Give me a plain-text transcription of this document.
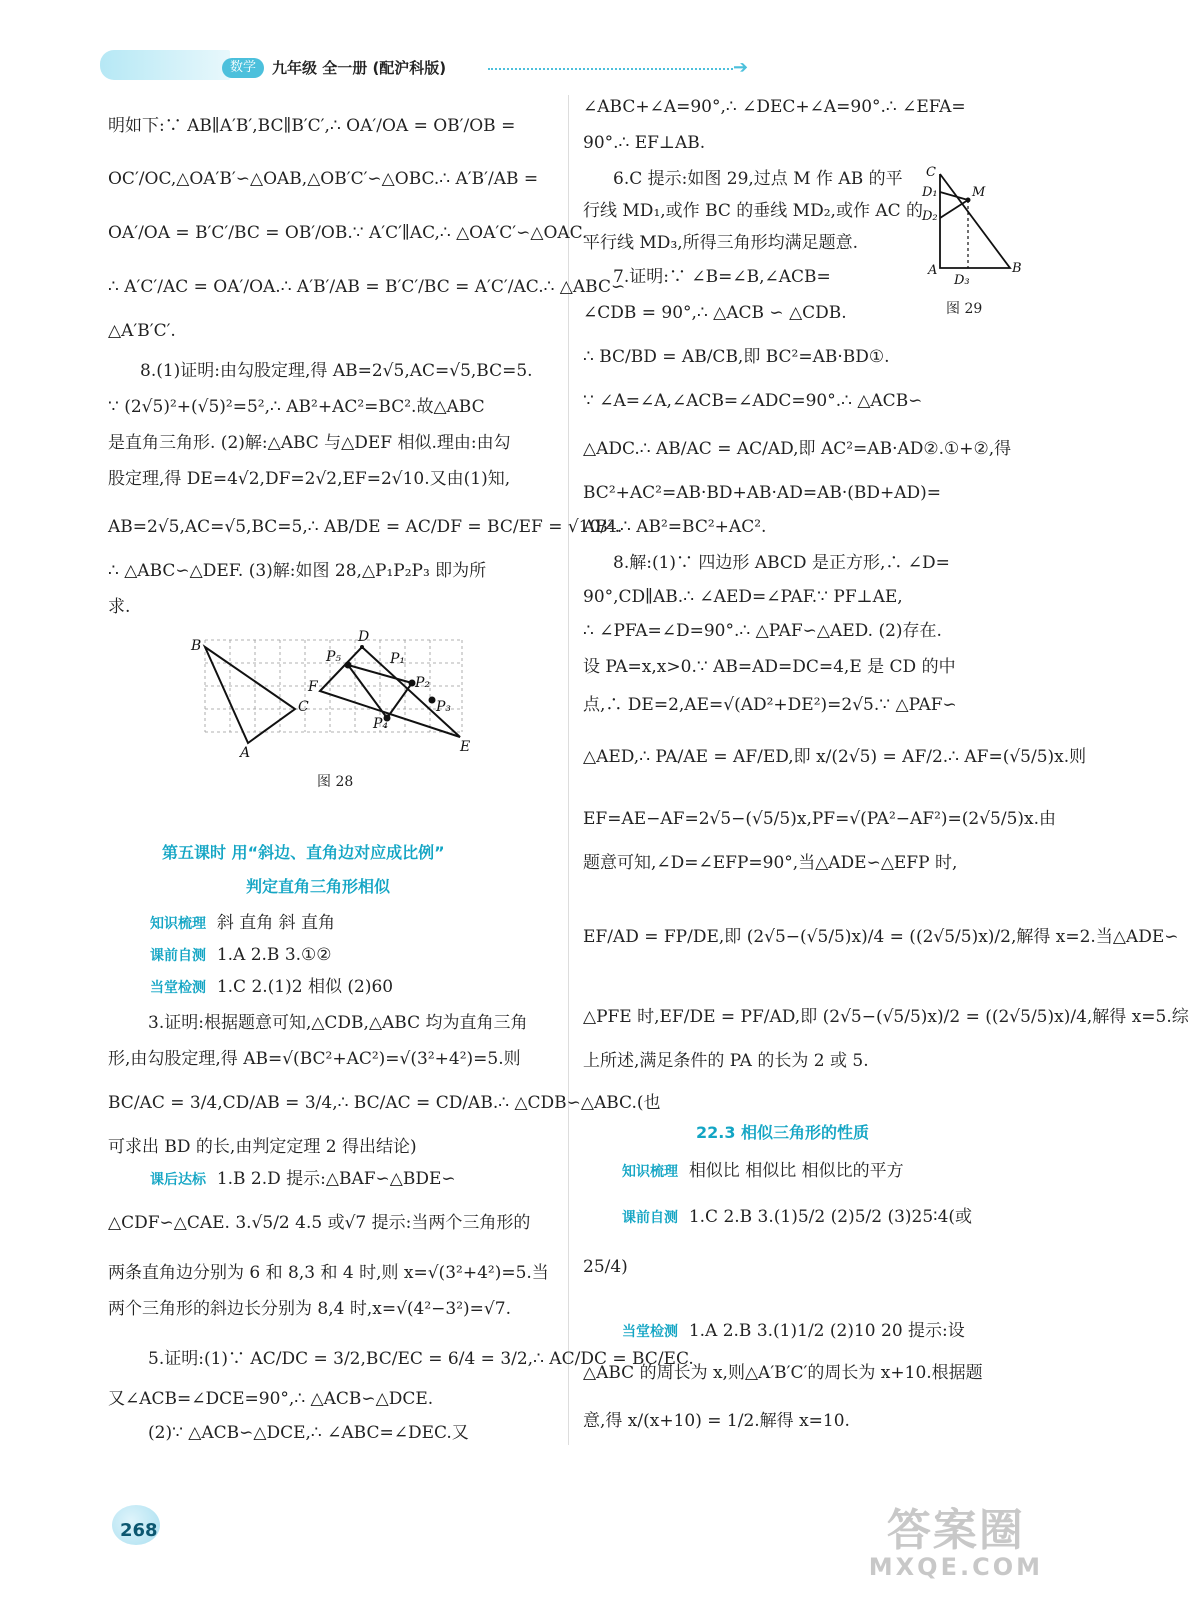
数学	九年级 全一册 (配沪科版)	➔
明如下:∵ AB∥A′B′,BC∥B′C′,∴ OA′/OA = OB′/OB =
OC′/OC,△OA′B′∽△OAB,△OB′C′∽△OBC.∴ A′B′/AB =
OA′/OA = B′C′/BC = OB′/OB.∵ A′C′∥AC,∴ △OA′C′∽△OAC.
∴ A′C′/AC = OA′/OA.∴ A′B′/AB = B′C′/BC = A′C′/AC.∴ △ABC∽
△A′B′C′.
8.(1)证明:由勾股定理,得 AB=2√5,AC=√5,BC=5.
∵ (2√5)²+(√5)²=5²,∴ AB²+AC²=BC².故△ABC
是直角三角形. (2)解:△ABC 与△DEF 相似.理由:由勾
股定理,得 DE=4√2,DF=2√2,EF=2√10.又由(1)知,
AB=2√5,AC=√5,BC=5,∴ AB/DE = AC/DF = BC/EF = √10/4.
∴ △ABC∽△DEF. (3)解:如图 28,△P₁P₂P₃ 即为所
求.
B
A
C
F
D
E
P₁
P₂
P₃
P₄
P₅
图 28
第五课时 用“斜边、直角边对应成比例”
判定直角三角形相似
知识梳理 斜 直角 斜 直角
课前自测 1.A 2.B 3.①②
当堂检测 1.C 2.(1)2 相似 (2)60
3.证明:根据题意可知,△CDB,△ABC 均为直角三角
形,由勾股定理,得 AB=√(BC²+AC²)=√(3²+4²)=5.则
BC/AC = 3/4,CD/AB = 3/4,∴ BC/AC = CD/AB.∴ △CDB∽△ABC.(也
可求出 BD 的长,由判定定理 2 得出结论)
课后达标 1.B 2.D 提示:△BAF∽△BDE∽
△CDF∽△CAE. 3.√5/2 4.5 或√7 提示:当两个三角形的
两条直角边分别为 6 和 8,3 和 4 时,则 x=√(3²+4²)=5.当
两个三角形的斜边长分别为 8,4 时,x=√(4²−3²)=√7.
5.证明:(1)∵ AC/DC = 3/2,BC/EC = 6/4 = 3/2,∴ AC/DC = BC/EC.
又∠ACB=∠DCE=90°,∴ △ACB∽△DCE.
(2)∵ △ACB∽△DCE,∴ ∠ABC=∠DEC.又
∠ABC+∠A=90°,∴ ∠DEC+∠A=90°.∴ ∠EFA=
90°.∴ EF⊥AB.
6.C 提示:如图 29,过点 M 作 AB 的平
行线 MD₁,或作 BC 的垂线 MD₂,或作 AC 的
平行线 MD₃,所得三角形均满足题意.
7.证明:∵ ∠B=∠B,∠ACB=
∠CDB = 90°,∴ △ACB ∽ △CDB.
∴ BC/BD = AB/CB,即 BC²=AB·BD①.
∵ ∠A=∠A,∠ACB=∠ADC=90°.∴ △ACB∽
△ADC.∴ AB/AC = AC/AD,即 AC²=AB·AD②.①+②,得
BC²+AC²=AB·BD+AB·AD=AB·(BD+AD)=
AB².∴ AB²=BC²+AC².
8.解:(1)∵ 四边形 ABCD 是正方形,∴ ∠D=
90°,CD∥AB.∴ ∠AED=∠PAF.∵ PF⊥AE,
∴ ∠PFA=∠D=90°.∴ △PAF∽△AED. (2)存在.
设 PA=x,x>0.∵ AB=AD=DC=4,E 是 CD 的中
点,∴ DE=2,AE=√(AD²+DE²)=2√5.∵ △PAF∽
△AED,∴ PA/AE = AF/ED,即 x/(2√5) = AF/2.∴ AF=(√5/5)x.则
EF=AE−AF=2√5−(√5/5)x,PF=√(PA²−AF²)=(2√5/5)x.由
题意可知,∠D=∠EFP=90°,当△ADE∽△EFP 时,
EF/AD = FP/DE,即 (2√5−(√5/5)x)/4 = ((2√5/5)x)/2,解得 x=2.当△ADE∽
△PFE 时,EF/DE = PF/AD,即 (2√5−(√5/5)x)/2 = ((2√5/5)x)/4,解得 x=5.综
上所述,满足条件的 PA 的长为 2 或 5.
C
D₁
D₂
M
A
D₃
B
图 29
22.3 相似三角形的性质
知识梳理 相似比 相似比 相似比的平方
课前自测 1.C 2.B 3.(1)5/2 (2)5/2 (3)25∶4(或
25/4)
当堂检测 1.A 2.B 3.(1)1/2 (2)10 20 提示:设
△ABC 的周长为 x,则△A′B′C′的周长为 x+10.根据题
意,得 x/(x+10) = 1/2.解得 x=10.
268	答案圈
MXQE.COM
